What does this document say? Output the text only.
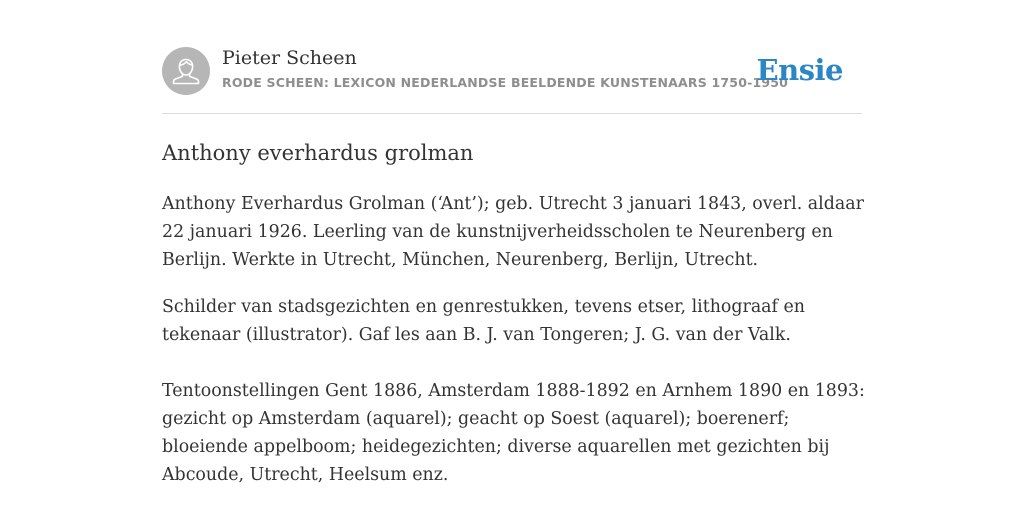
Pieter Scheen
RODE SCHEEN: LEXICON NEDERLANDSE BEELDENDE KUNSTENAARS 1750-1950
Ensie
Anthony everhardus grolman

Anthony Everhardus Grolman (‘Ant’); geb. Utrecht 3 januari 1843, overl. aldaar 22 januari 1926. Leerling van de kunstnijverheidsscholen te Neurenberg en Berlijn. Werkte in Utrecht, München, Neurenberg, Berlijn, Utrecht.

Schilder van stadsgezichten en genrestukken, tevens etser, lithograaf en tekenaar (illustrator). Gaf les aan B. J. van Tongeren; J. G. van der Valk.

Tentoonstellingen Gent 1886, Amsterdam 1888-1892 en Arnhem 1890 en 1893: gezicht op Amsterdam (aquarel); geacht op Soest (aquarel); boerenerf; bloeiende appelboom; heidegezichten; diverse aquarellen met gezichten bij Abcoude, Utrecht, Heelsum enz.
